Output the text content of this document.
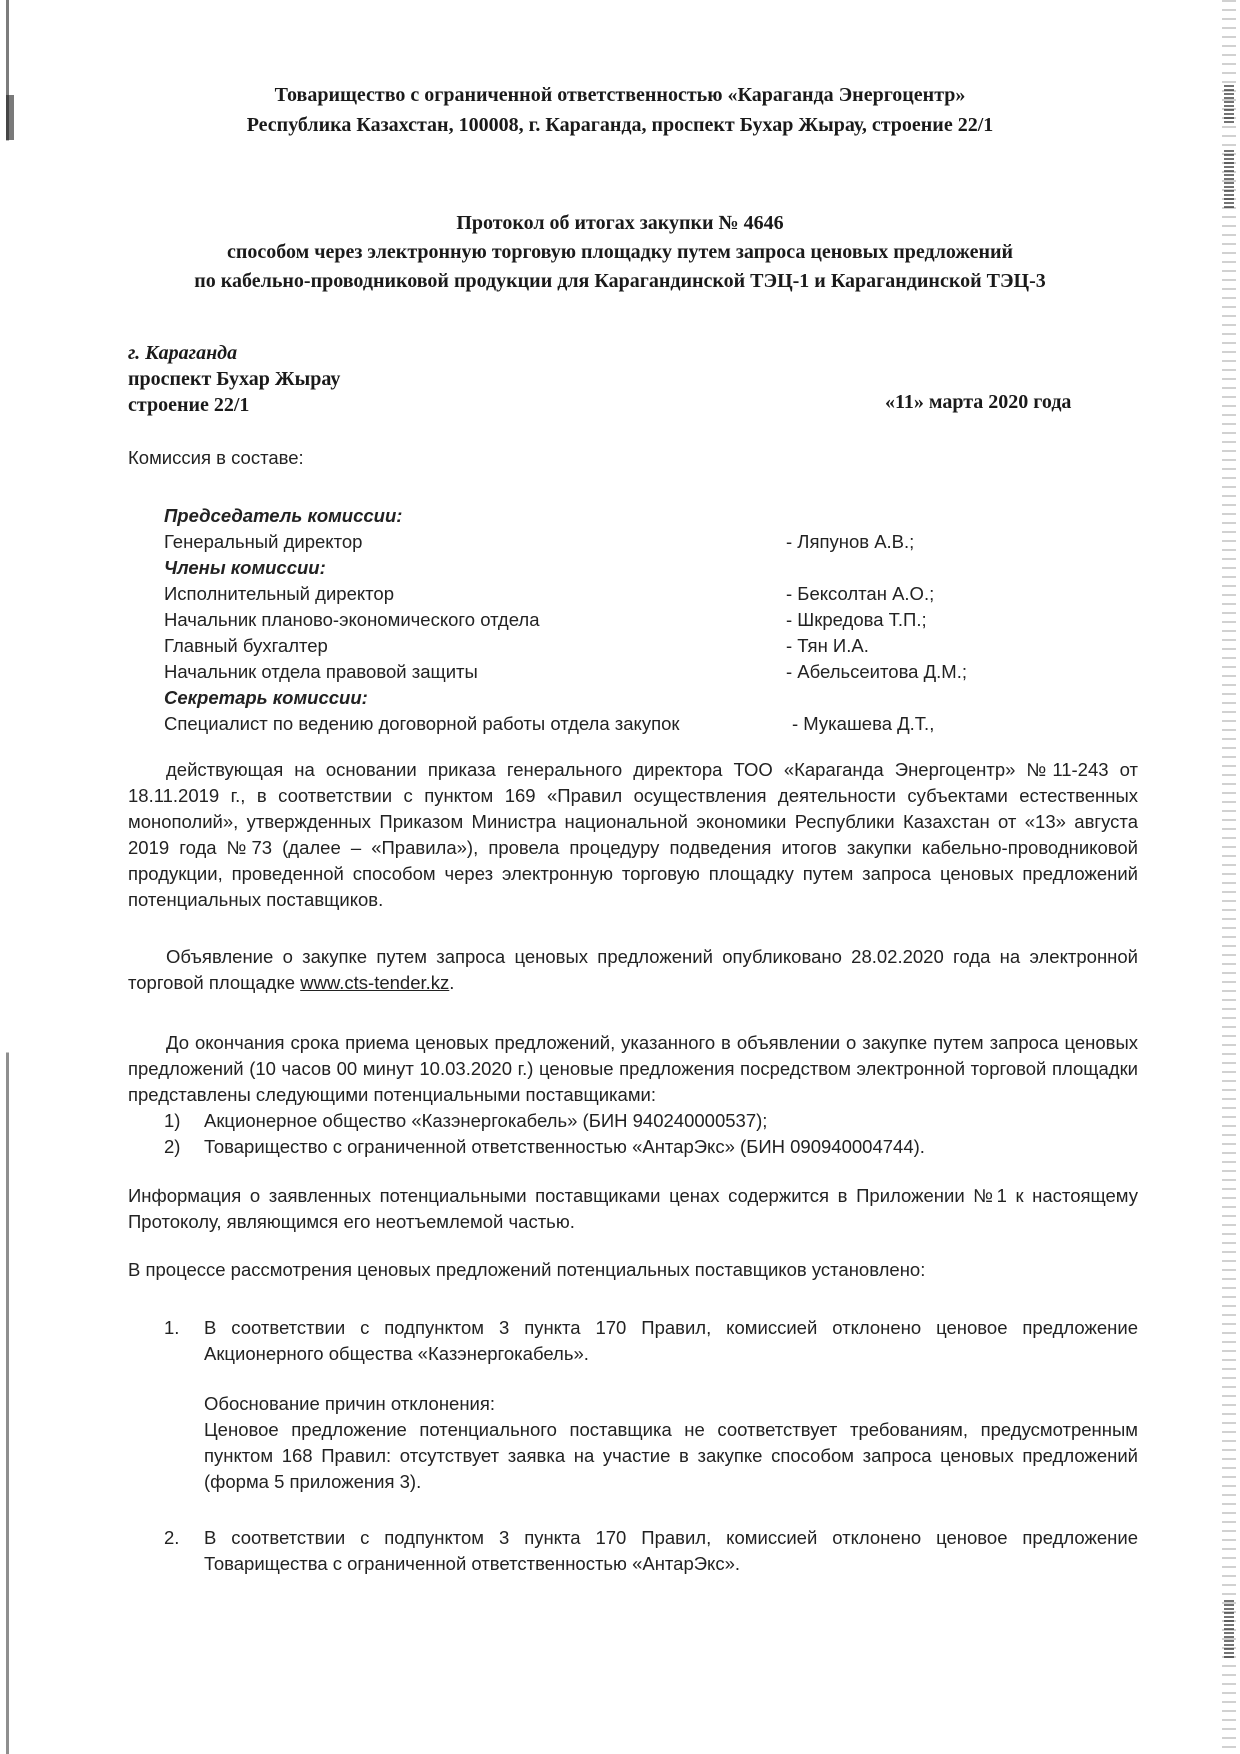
Товарищество с ограниченной ответственностью «Караганда Энергоцентр»
Республика Казахстан, 100008, г. Караганда, проспект Бухар Жырау, строение 22/1
Протокол об итогах закупки № 4646
способом через электронную торговую площадку путем запроса ценовых предложений
по кабельно-проводниковой продукции для Карагандинской ТЭЦ-1 и Карагандинской ТЭЦ-3
г. Караганда
проспект Бухар Жырау
строение 22/1	«11» марта 2020 года
Комиссия в составе:
Председатель комиссии:
Генеральный директор	- Ляпунов А.В.;
Члены комиссии:
Исполнительный директор	- Бексолтан А.О.;
Начальник планово-экономического отдела	- Шкредова Т.П.;
Главный бухгалтер	- Тян И.А.
Начальник отдела правовой защиты	- Абельсеитова Д.М.;
Секретарь комиссии:
Специалист по ведению договорной работы отдела закупок	- Мукашева Д.Т.,

действующая на основании приказа генерального директора ТОО «Караганда Энергоцентр» №11-243 от 18.11.2019 г., в соответствии с пунктом 169 «Правил осуществления деятельности субъектами естественных монополий», утвержденных Приказом Министра национальной экономики Республики Казахстан от «13» августа 2019 года №73 (далее – «Правила»), провела процедуру подведения итогов закупки кабельно-проводниковой продукции, проведенной способом через электронную торговую площадку путем запроса ценовых предложений потенциальных поставщиков.

Объявление о закупке путем запроса ценовых предложений опубликовано 28.02.2020 года на электронной торговой площадке www.cts-tender.kz.

До окончания срока приема ценовых предложений, указанного в объявлении о закупке путем запроса ценовых предложений (10 часов 00 минут 10.03.2020 г.) ценовые предложения посредством электронной торговой площадки представлены следующими потенциальными поставщиками:

1)	Акционерное общество «Казэнергокабель» (БИН 940240000537);
2)	Товарищество с ограниченной ответственностью «АнтарЭкс» (БИН 090940004744).
Информация о заявленных потенциальными поставщиками ценах содержится в Приложении №1 к настоящему Протоколу, являющимся его неотъемлемой частью.
В процессе рассмотрения ценовых предложений потенциальных поставщиков установлено:
1.	В соответствии с подпунктом 3 пункта 170 Правил, комиссией отклонено ценовое предложение Акционерного общества «Казэнергокабель».
Обоснование причин отклонения:
Ценовое предложение потенциального поставщика не соответствует требованиям, предусмотренным пунктом 168 Правил: отсутствует заявка на участие в закупке способом запроса ценовых предложений (форма 5 приложения 3).
2.	В соответствии с подпунктом 3 пункта 170 Правил, комиссией отклонено ценовое предложение Товарищества с ограниченной ответственностью «АнтарЭкс».
